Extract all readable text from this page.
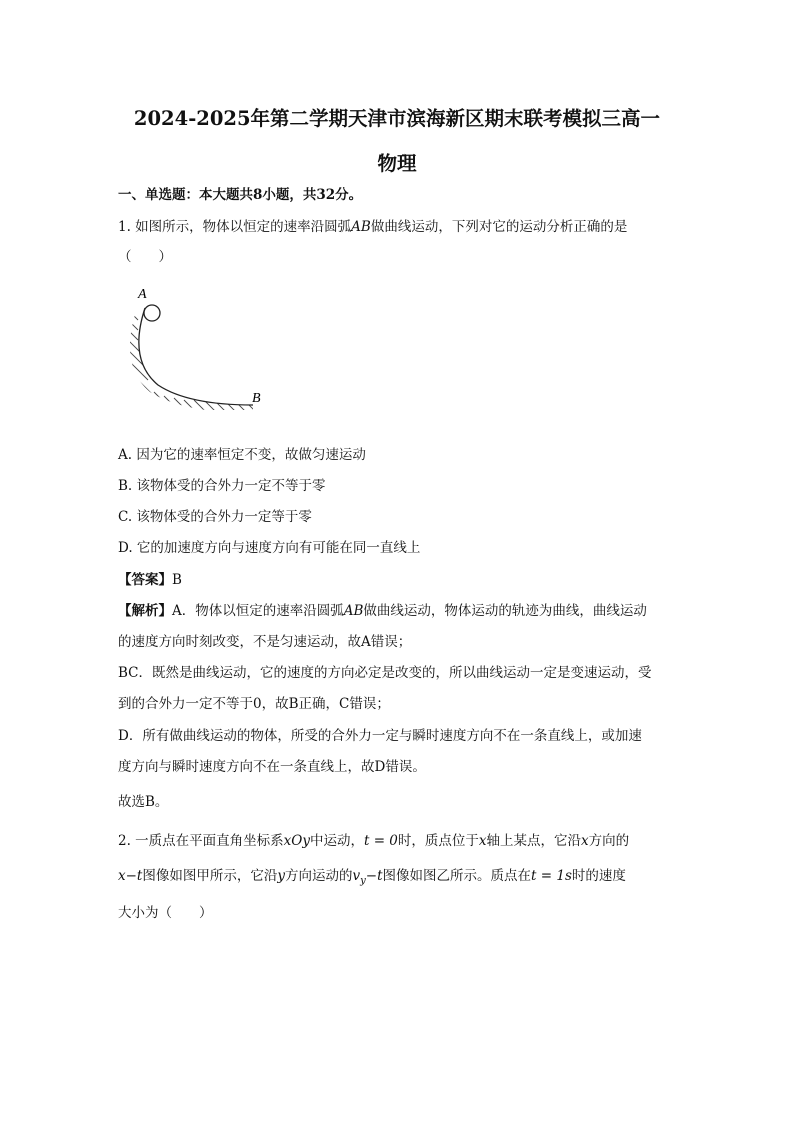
2024-2025年第二学期天津市滨海新区期末联考模拟三高一
物理
一、单选题：本大题共8小题，共32分。
1. 如图所示，物体以恒定的速率沿圆弧AB做曲线运动，下列对它的运动分析正确的是
（　　）
A
B
A. 因为它的速率恒定不变，故做匀速运动
B. 该物体受的合外力一定不等于零
C. 该物体受的合外力一定等于零
D. 它的加速度方向与速度方向有可能在同一直线上
【答案】B
【解析】A．物体以恒定的速率沿圆弧AB做曲线运动，物体运动的轨迹为曲线，曲线运动
的速度方向时刻改变，不是匀速运动，故A错误；
BC．既然是曲线运动，它的速度的方向必定是改变的，所以曲线运动一定是变速运动，受
到的合外力一定不等于0，故B正确，C错误；
D．所有做曲线运动的物体，所受的合外力一定与瞬时速度方向不在一条直线上，或加速
度方向与瞬时速度方向不在一条直线上，故D错误。
故选B。
2. 一质点在平面直角坐标系xOy中运动，t = 0时，质点位于x轴上某点，它沿x方向的
x−t图像如图甲所示，它沿y方向运动的$v_y-t$图像如图乙所示。质点在t = 1s时的速度
大小为（　　）
